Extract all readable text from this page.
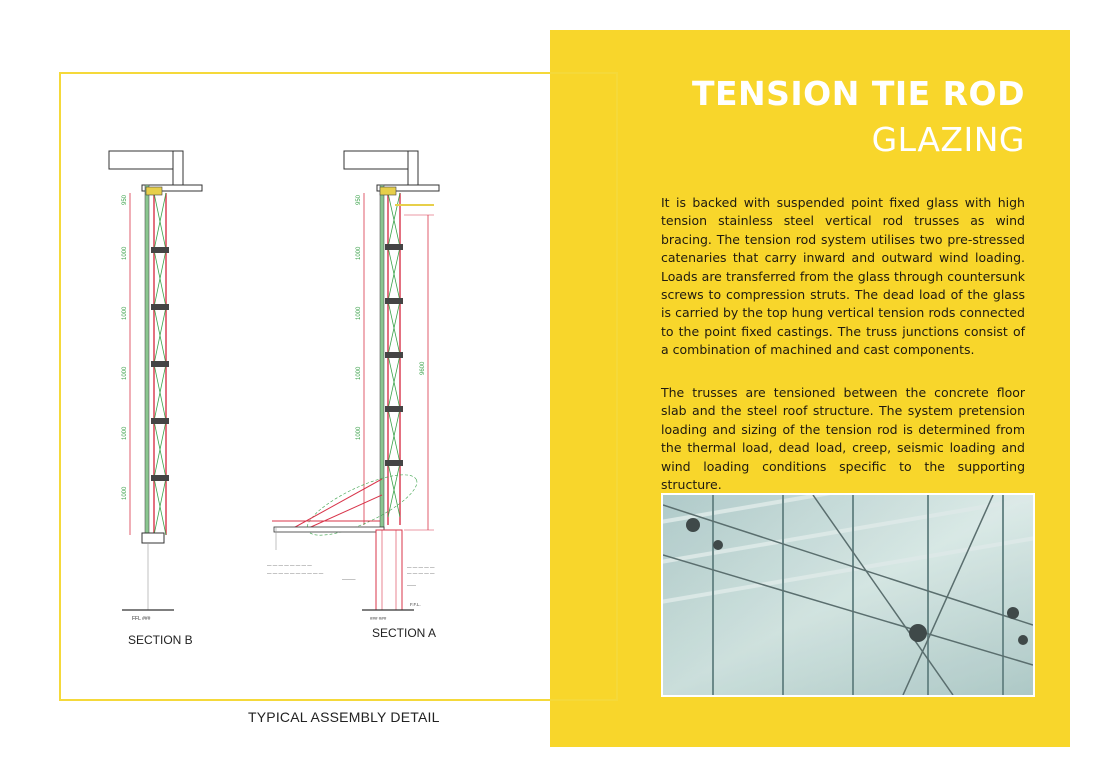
950
1000
1000
1000
1000
1000
FFL ###
9600
950
1000
1000
1000
1000
— — — — — — — —
— — — — — — — — — —
———
— — — — —
— — — — —
——
F.F.L.
### ###
SECTION B	SECTION A
TYPICAL ASSEMBLY DETAIL
TENSION TIE ROD
GLAZING

It is backed with suspended point fixed glass with high tension stainless steel vertical rod trusses as wind bracing. The tension rod system utilises two pre-stressed catenaries that carry inward and outward wind loading. Loads are transferred from the glass through countersunk screws to compression struts. The dead load of the glass is carried by the top hung vertical tension rods connected to the point fixed castings. The truss junctions consist of a combination of machined and cast components.

The trusses are tensioned between the concrete floor slab and the steel roof structure. The system pretension loading and sizing of the tension rod is determined from the thermal load, dead load, creep, seismic loading and wind loading conditions specific to the supporting structure.
